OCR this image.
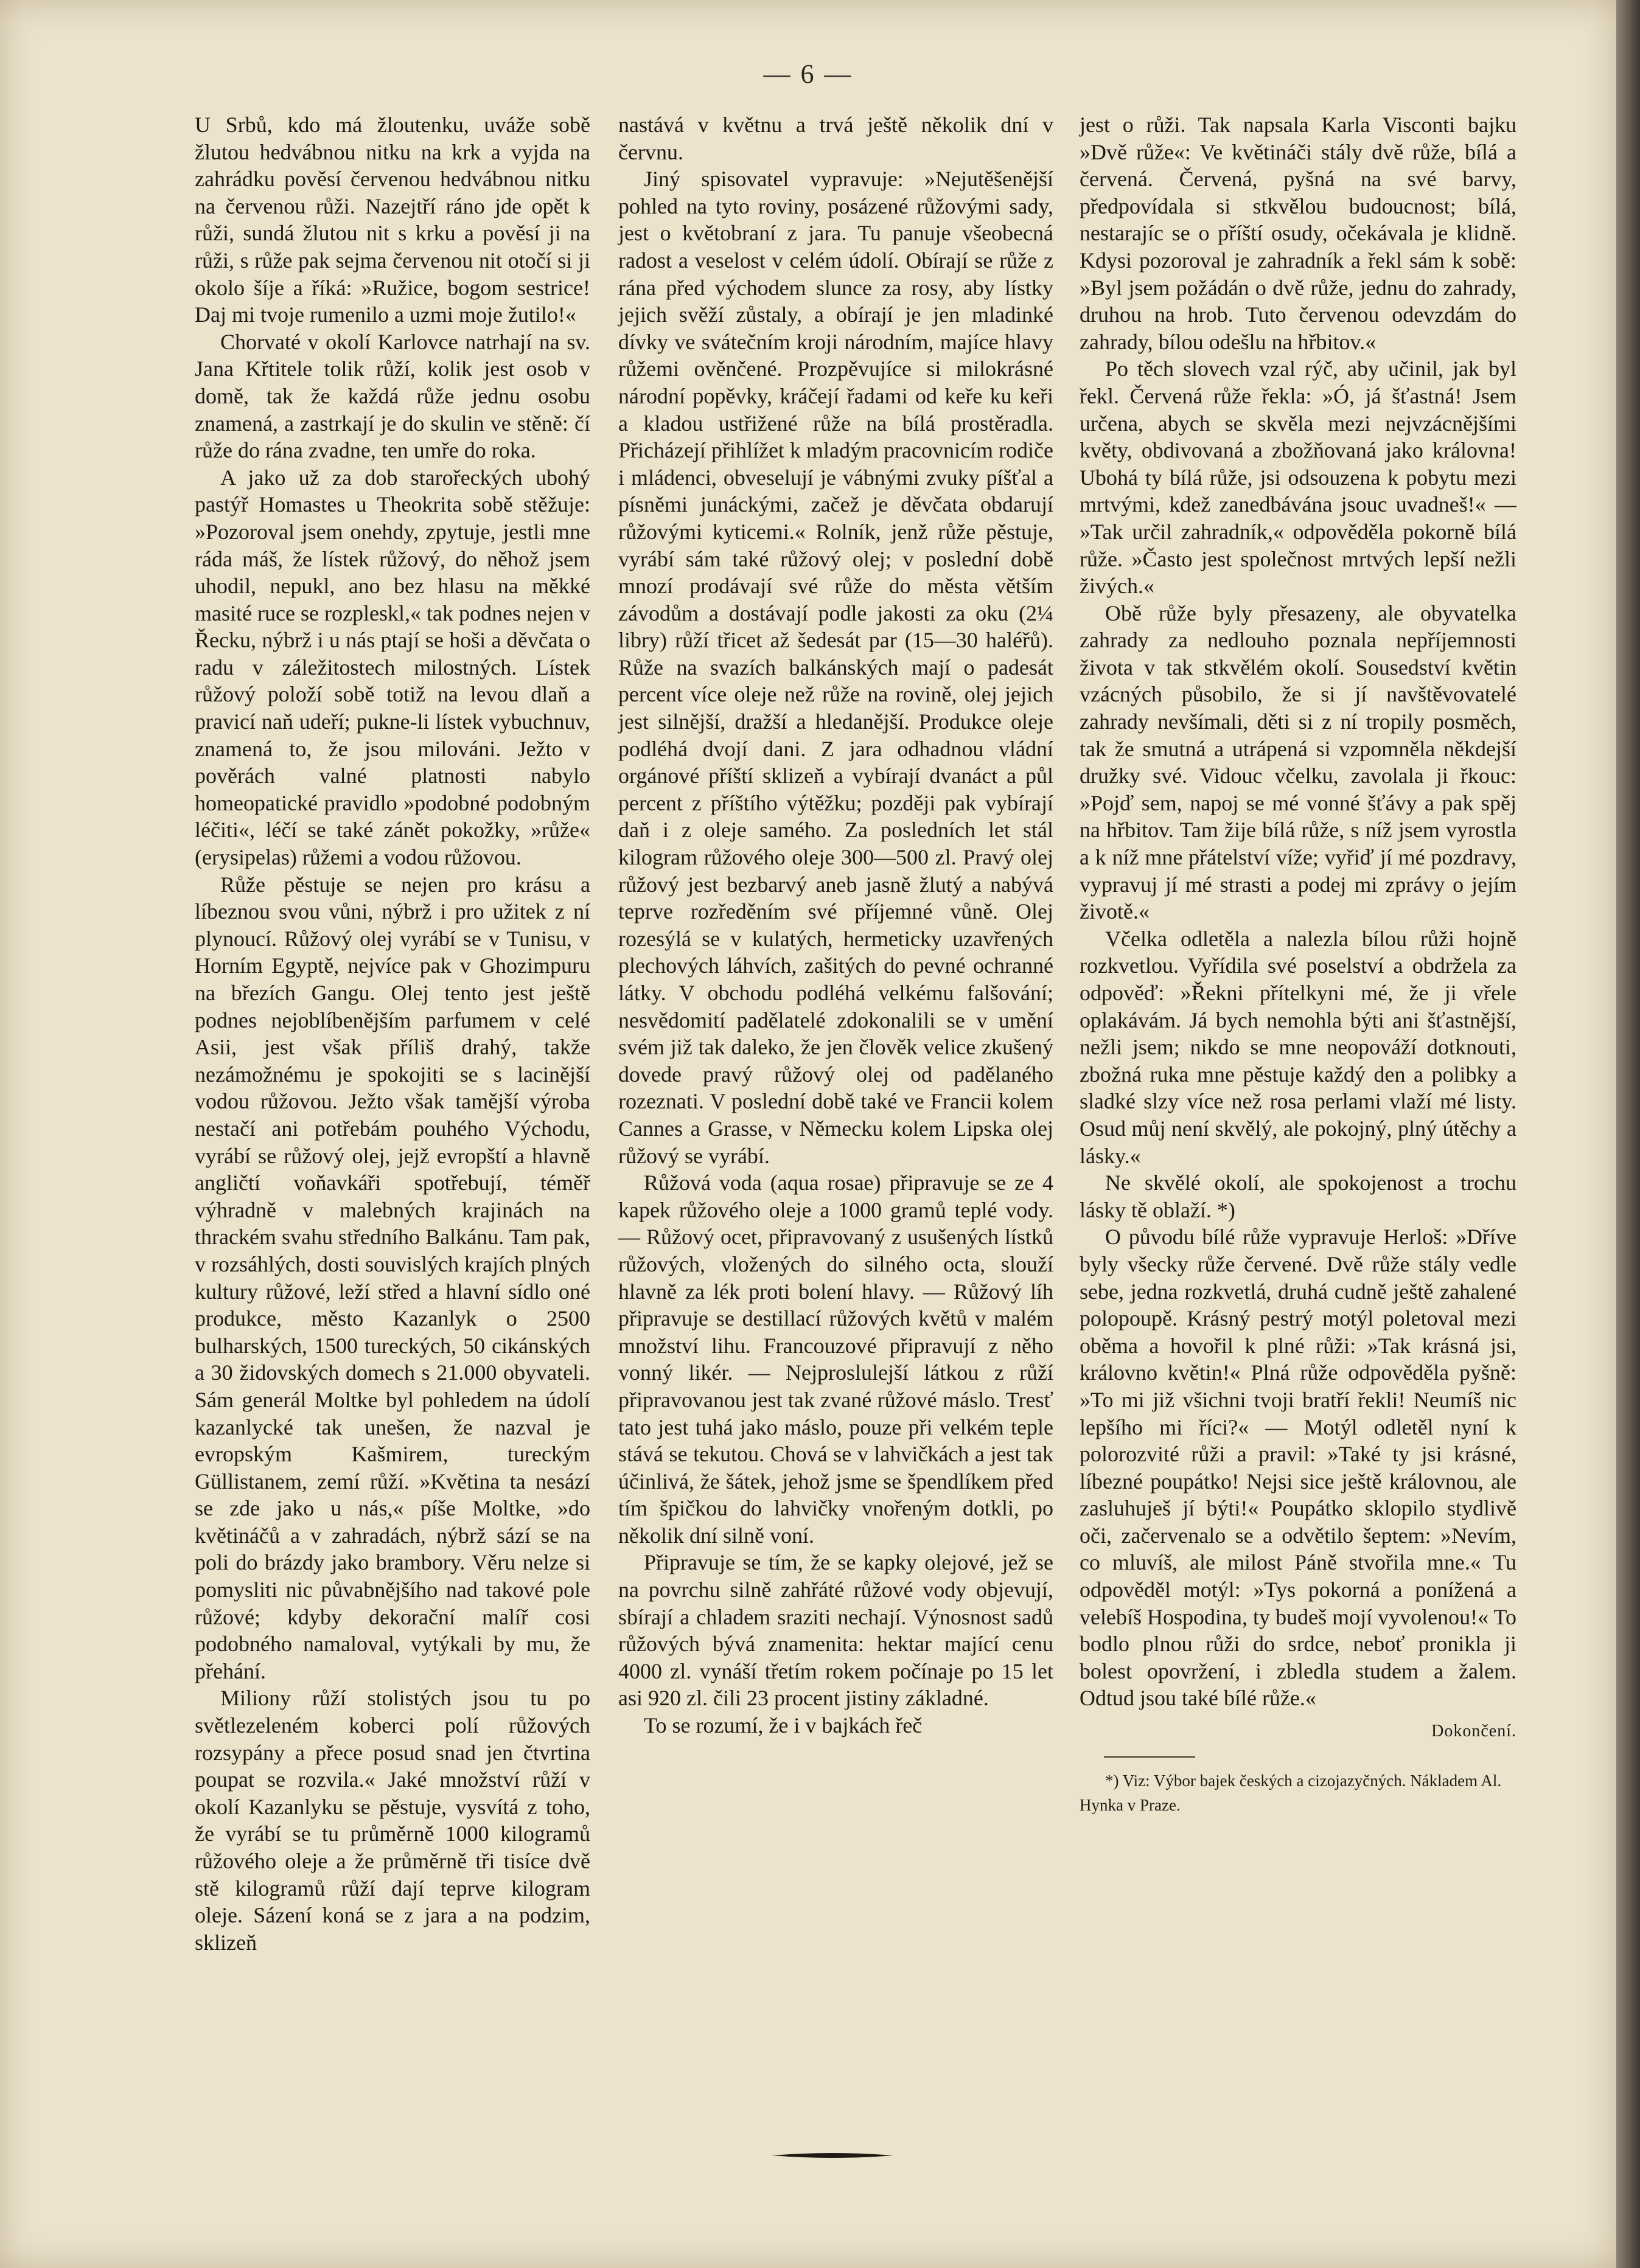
— 6 —

U Srbů, kdo má žloutenku, uváže sobě žlutou hedvábnou nitku na krk a vyjda na zahrádku pověsí červenou hedvábnou nitku na červenou růži. Nazejtří ráno jde opět k růži, sundá žlutou nit s krku a pověsí ji na růži, s růže pak sejma červenou nit otočí si ji okolo šíje a říká: »Ružice, bogom sestrice! Daj mi tvoje rumenilo a uzmi moje žutilo!«

Chorvaté v okolí Karlovce natrhají na sv. Jana Křtitele tolik růží, kolik jest osob v domě, tak že každá růže jednu osobu znamená, a zastrkají je do skulin ve stěně: čí růže do rána zvadne, ten umře do roka.

A jako už za dob starořeckých ubohý pastýř Homastes u Theokrita sobě stěžuje: »Pozoroval jsem onehdy, zpytuje, jestli mne ráda máš, že lístek růžový, do něhož jsem uhodil, nepukl, ano bez hlasu na měkké masité ruce se rozpleskl,« tak podnes nejen v Řecku, nýbrž i u nás ptají se hoši a děvčata o radu v záležitostech milostných. Lístek růžový položí sobě totiž na levou dlaň a pravicí naň udeří; pukne-li lístek vybuchnuv, znamená to, že jsou milováni. Ježto v pověrách valné platnosti nabylo homeopatické pravidlo »podobné podobným léčiti«, léčí se také zánět pokožky, »růže« (erysipelas) růžemi a vodou růžovou.

Růže pěstuje se nejen pro krásu a líbeznou svou vůni, nýbrž i pro užitek z ní plynoucí. Růžový olej vyrábí se v Tunisu, v Horním Egyptě, nejvíce pak v Ghozimpuru na březích Gangu. Olej tento jest ještě podnes nejoblíbenějším parfumem v celé Asii, jest však příliš drahý, takže nezámožnému je spokojiti se s lacinější vodou růžovou. Ježto však tamější výroba nestačí ani potřebám pouhého Východu, vyrábí se růžový olej, jejž evropští a hlavně angličtí voňavkáři spotřebují, téměř výhradně v malebných krajinách na thrackém svahu středního Balkánu. Tam pak, v rozsáhlých, dosti souvislých krajích plných kultury růžové, leží střed a hlavní sídlo oné produkce, město Kazanlyk o 2500 bulharských, 1500 tureckých, 50 cikánských a 30 židovských domech s 21.000 obyvateli. Sám generál Moltke byl pohledem na údolí kazanlycké tak unešen, že nazval je evropským Kašmirem, tureckým Güllistanem, zemí růží. »Květina ta nesází se zde jako u nás,« píše Moltke, »do květináčů a v zahradách, nýbrž sází se na poli do brázdy jako brambory. Věru nelze si pomysliti nic půvabnějšího nad takové pole růžové; kdyby dekorační malíř cosi podobného namaloval, vytýkali by mu, že přehání.

Miliony růží stolistých jsou tu po světlezeleném koberci polí růžových rozsypány a přece posud snad jen čtvrtina poupat se rozvila.« Jaké množství růží v okolí Kazanlyku se pěstuje, vysvítá z toho, že vyrábí se tu průměrně 1000 kilogramů růžového oleje a že průměrně tři tisíce dvě stě kilogramů růží dají teprve kilogram oleje. Sázení koná se z jara a na podzim, sklizeň

nastává v květnu a trvá ještě několik dní v červnu.

Jiný spisovatel vypravuje: »Nejutěšenější pohled na tyto roviny, posázené růžovými sady, jest o květobraní z jara. Tu panuje všeobecná radost a veselost v celém údolí. Obírají se růže z rána před východem slunce za rosy, aby lístky jejich svěží zůstaly, a obírají je jen mladinké dívky ve svátečním kroji národním, majíce hlavy růžemi ověnčené. Prozpěvujíce si milokrásné národní popěvky, kráčejí řadami od keře ku keři a kladou ustřižené růže na bílá prostěradla. Přicházejí přihlížet k mladým pracovnicím rodiče i mládenci, obveselují je vábnými zvuky píšťal a písněmi junáckými, začež je děvčata obdarují růžovými kyticemi.« Rolník, jenž růže pěstuje, vyrábí sám také růžový olej; v poslední době mnozí prodávají své růže do města větším závodům a dostávají podle jakosti za oku (2¼ libry) růží třicet až šedesát par (15—30 haléřů). Růže na svazích balkánských mají o padesát percent více oleje než růže na rovině, olej jejich jest silnější, dražší a hledanější. Produkce oleje podléhá dvojí dani. Z jara odhadnou vládní orgánové příští sklizeň a vybírají dvanáct a půl percent z příštího výtěžku; později pak vybírají daň i z oleje samého. Za posledních let stál kilogram růžového oleje 300—500 zl. Pravý olej růžový jest bezbarvý aneb jasně žlutý a nabývá teprve rozředěním své příjemné vůně. Olej rozesýlá se v kulatých, hermeticky uzavřených plechových láhvích, zašitých do pevné ochranné látky. V obchodu podléhá velkému falšování; nesvědomití padělatelé zdokonalili se v umění svém již tak daleko, že jen člověk velice zkušený dovede pravý růžový olej od padělaného rozeznati. V poslední době také ve Francii kolem Cannes a Grasse, v Německu kolem Lipska olej růžový se vyrábí.

Růžová voda (aqua rosae) připravuje se ze 4 kapek růžového oleje a 1000 gramů teplé vody. — Růžový ocet, připravovaný z usušených lístků růžových, vložených do silného octa, slouží hlavně za lék proti bolení hlavy. — Růžový líh připravuje se destillací růžových květů v malém množství lihu. Francouzové připravují z něho vonný likér. — Nejproslulejší látkou z růží připravovanou jest tak zvané růžové máslo. Tresť tato jest tuhá jako máslo, pouze při velkém teple stává se tekutou. Chová se v lahvičkách a jest tak účinlivá, že šátek, jehož jsme se špendlíkem před tím špičkou do lahvičky vnořeným dotkli, po několik dní silně voní.

Připravuje se tím, že se kapky olejové, jež se na povrchu silně zahřáté růžové vody objevují, sbírají a chladem sraziti nechají. Výnosnost sadů růžových bývá znamenita: hektar mající cenu 4000 zl. vynáší třetím rokem počínaje po 15 let asi 920 zl. čili 23 procent jistiny základné.

To se rozumí, že i v bajkách řeč

jest o růži. Tak napsala Karla Visconti bajku »Dvě růže«: Ve květináči stály dvě růže, bílá a červená. Červená, pyšná na své barvy, předpovídala si stkvělou budoucnost; bílá, nestarajíc se o příští osudy, očekávala je klidně. Kdysi pozoroval je zahradník a řekl sám k sobě: »Byl jsem požádán o dvě růže, jednu do zahrady, druhou na hrob. Tuto červenou odevzdám do zahrady, bílou odešlu na hřbitov.«

Po těch slovech vzal rýč, aby učinil, jak byl řekl. Červená růže řekla: »Ó, já šťastná! Jsem určena, abych se skvěla mezi nejvzácnějšími květy, obdivovaná a zbožňovaná jako královna! Ubohá ty bílá růže, jsi odsouzena k pobytu mezi mrtvými, kdež zanedbávána jsouc uvadneš!« — »Tak určil zahradník,« odpověděla pokorně bílá růže. »Často jest společnost mrtvých lepší nežli živých.«

Obě růže byly přesazeny, ale obyvatelka zahrady za nedlouho poznala nepříjemnosti života v tak stkvělém okolí. Sousedství květin vzácných působilo, že si jí navštěvovatelé zahrady nevšímali, děti si z ní tropily posměch, tak že smutná a utrápená si vzpomněla někdejší družky své. Vidouc včelku, zavolala ji řkouc: »Pojď sem, napoj se mé vonné šťávy a pak spěj na hřbitov. Tam žije bílá růže, s níž jsem vyrostla a k níž mne přátelství víže; vyřiď jí mé pozdravy, vypravuj jí mé strasti a podej mi zprávy o jejím životě.«

Včelka odletěla a nalezla bílou růži hojně rozkvetlou. Vyřídila své poselství a obdržela za odpověď: »Řekni přítelkyni mé, že ji vřele oplakávám. Já bych nemohla býti ani šťastnější, nežli jsem; nikdo se mne neopováží dotknouti, zbožná ruka mne pěstuje každý den a polibky a sladké slzy více než rosa perlami vlaží mé listy. Osud můj není skvělý, ale pokojný, plný útěchy a lásky.«

Ne skvělé okolí, ale spokojenost a trochu lásky tě oblaží. *)

O původu bílé růže vypravuje Herloš: »Dříve byly všecky růže červené. Dvě růže stály vedle sebe, jedna rozkvetlá, druhá cudně ještě zahalené polopoupě. Krásný pestrý motýl poletoval mezi oběma a hovořil k plné růži: »Tak krásná jsi, královno květin!« Plná růže odpověděla pyšně: »To mi již všichni tvoji bratří řekli! Neumíš nic lepšího mi říci?« — Motýl odletěl nyní k polorozvité růži a pravil: »Také ty jsi krásné, líbezné poupátko! Nejsi sice ještě královnou, ale zasluhuješ jí býti!« Poupátko sklopilo stydlivě oči, začervenalo se a odvětilo šeptem: »Nevím, co mluvíš, ale milost Páně stvořila mne.« Tu odpověděl motýl: »Tys pokorná a ponížená a velebíš Hospodina, ty budeš mojí vyvolenou!« To bodlo plnou růži do srdce, neboť pronikla ji bolest opovržení, i zbledla studem a žalem. Odtud jsou také bílé růže.«

Dokončení.

*) Viz: Výbor bajek českých a cizojazyčných. Nákladem Al. Hynka v Praze.
